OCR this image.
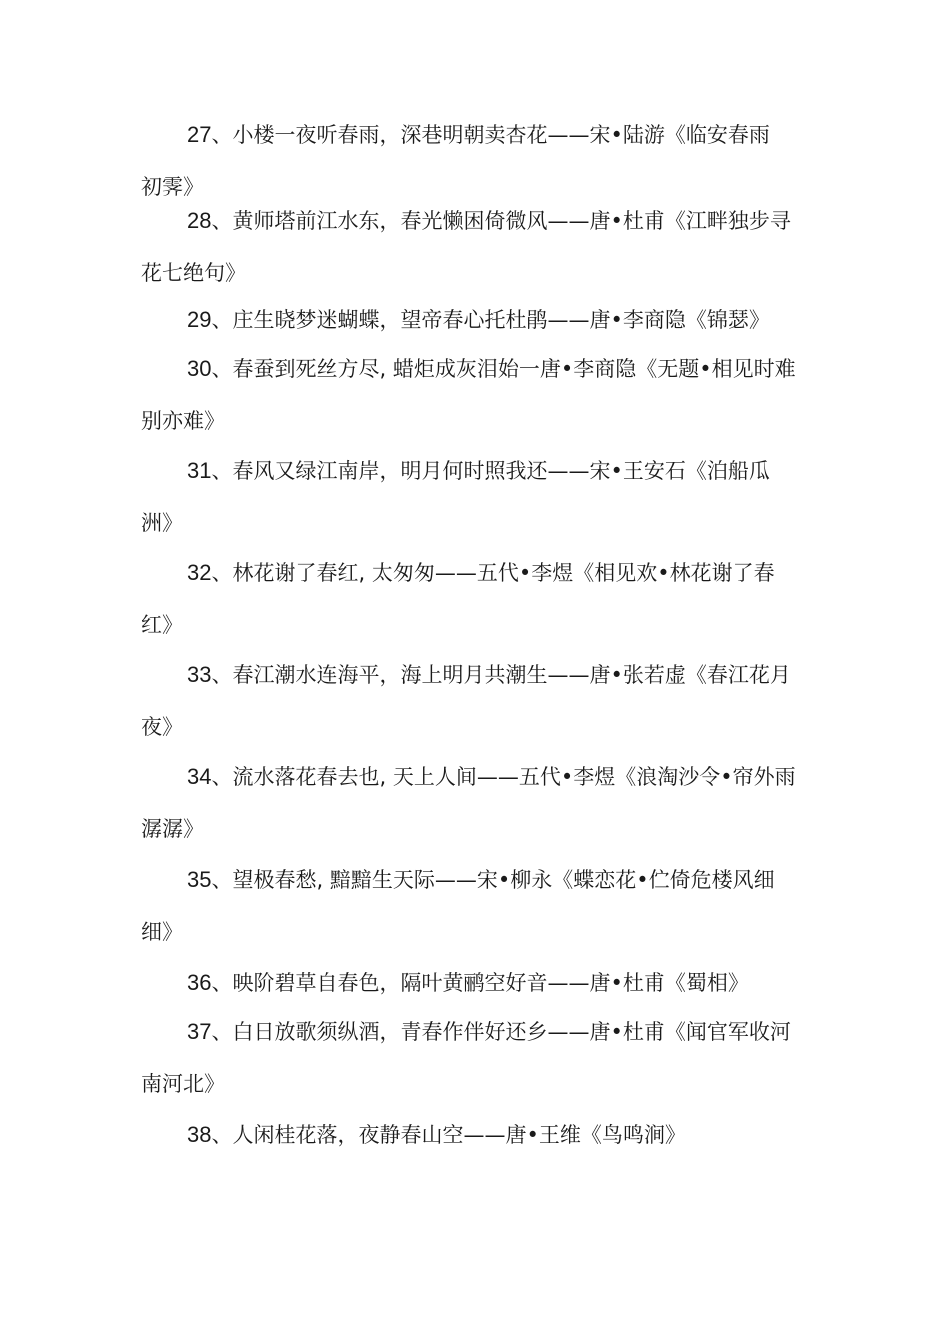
27、小楼一夜听春雨，深巷明朝卖杏花——宋•陆游《临安春雨
初霁》

28、黄师塔前江水东，春光懒困倚微风——唐•杜甫《江畔独步寻
花七绝句》

29、庄生晓梦迷蝴蝶，望帝春心托杜鹃——唐•李商隐《锦瑟》

30、春蚕到死丝方尽, 蜡炬成灰泪始一唐•李商隐《无题•相见时难
别亦难》

31、春风又绿江南岸，明月何时照我还——宋•王安石《泊船瓜
洲》

32、林花谢了春红, 太匆匆——五代•李煜《相见欢•林花谢了春
红》

33、春江潮水连海平，海上明月共潮生——唐•张若虚《春江花月
夜》

34、流水落花春去也, 天上人间——五代•李煜《浪淘沙令•帘外雨
潺潺》

35、望极春愁, 黯黯生天际——宋•柳永《蝶恋花•伫倚危楼风细
细》

36、映阶碧草自春色，隔叶黄鹂空好音——唐•杜甫《蜀相》

37、白日放歌须纵酒，青春作伴好还乡——唐•杜甫《闻官军收河
南河北》

38、人闲桂花落，夜静春山空——唐•王维《鸟鸣涧》
